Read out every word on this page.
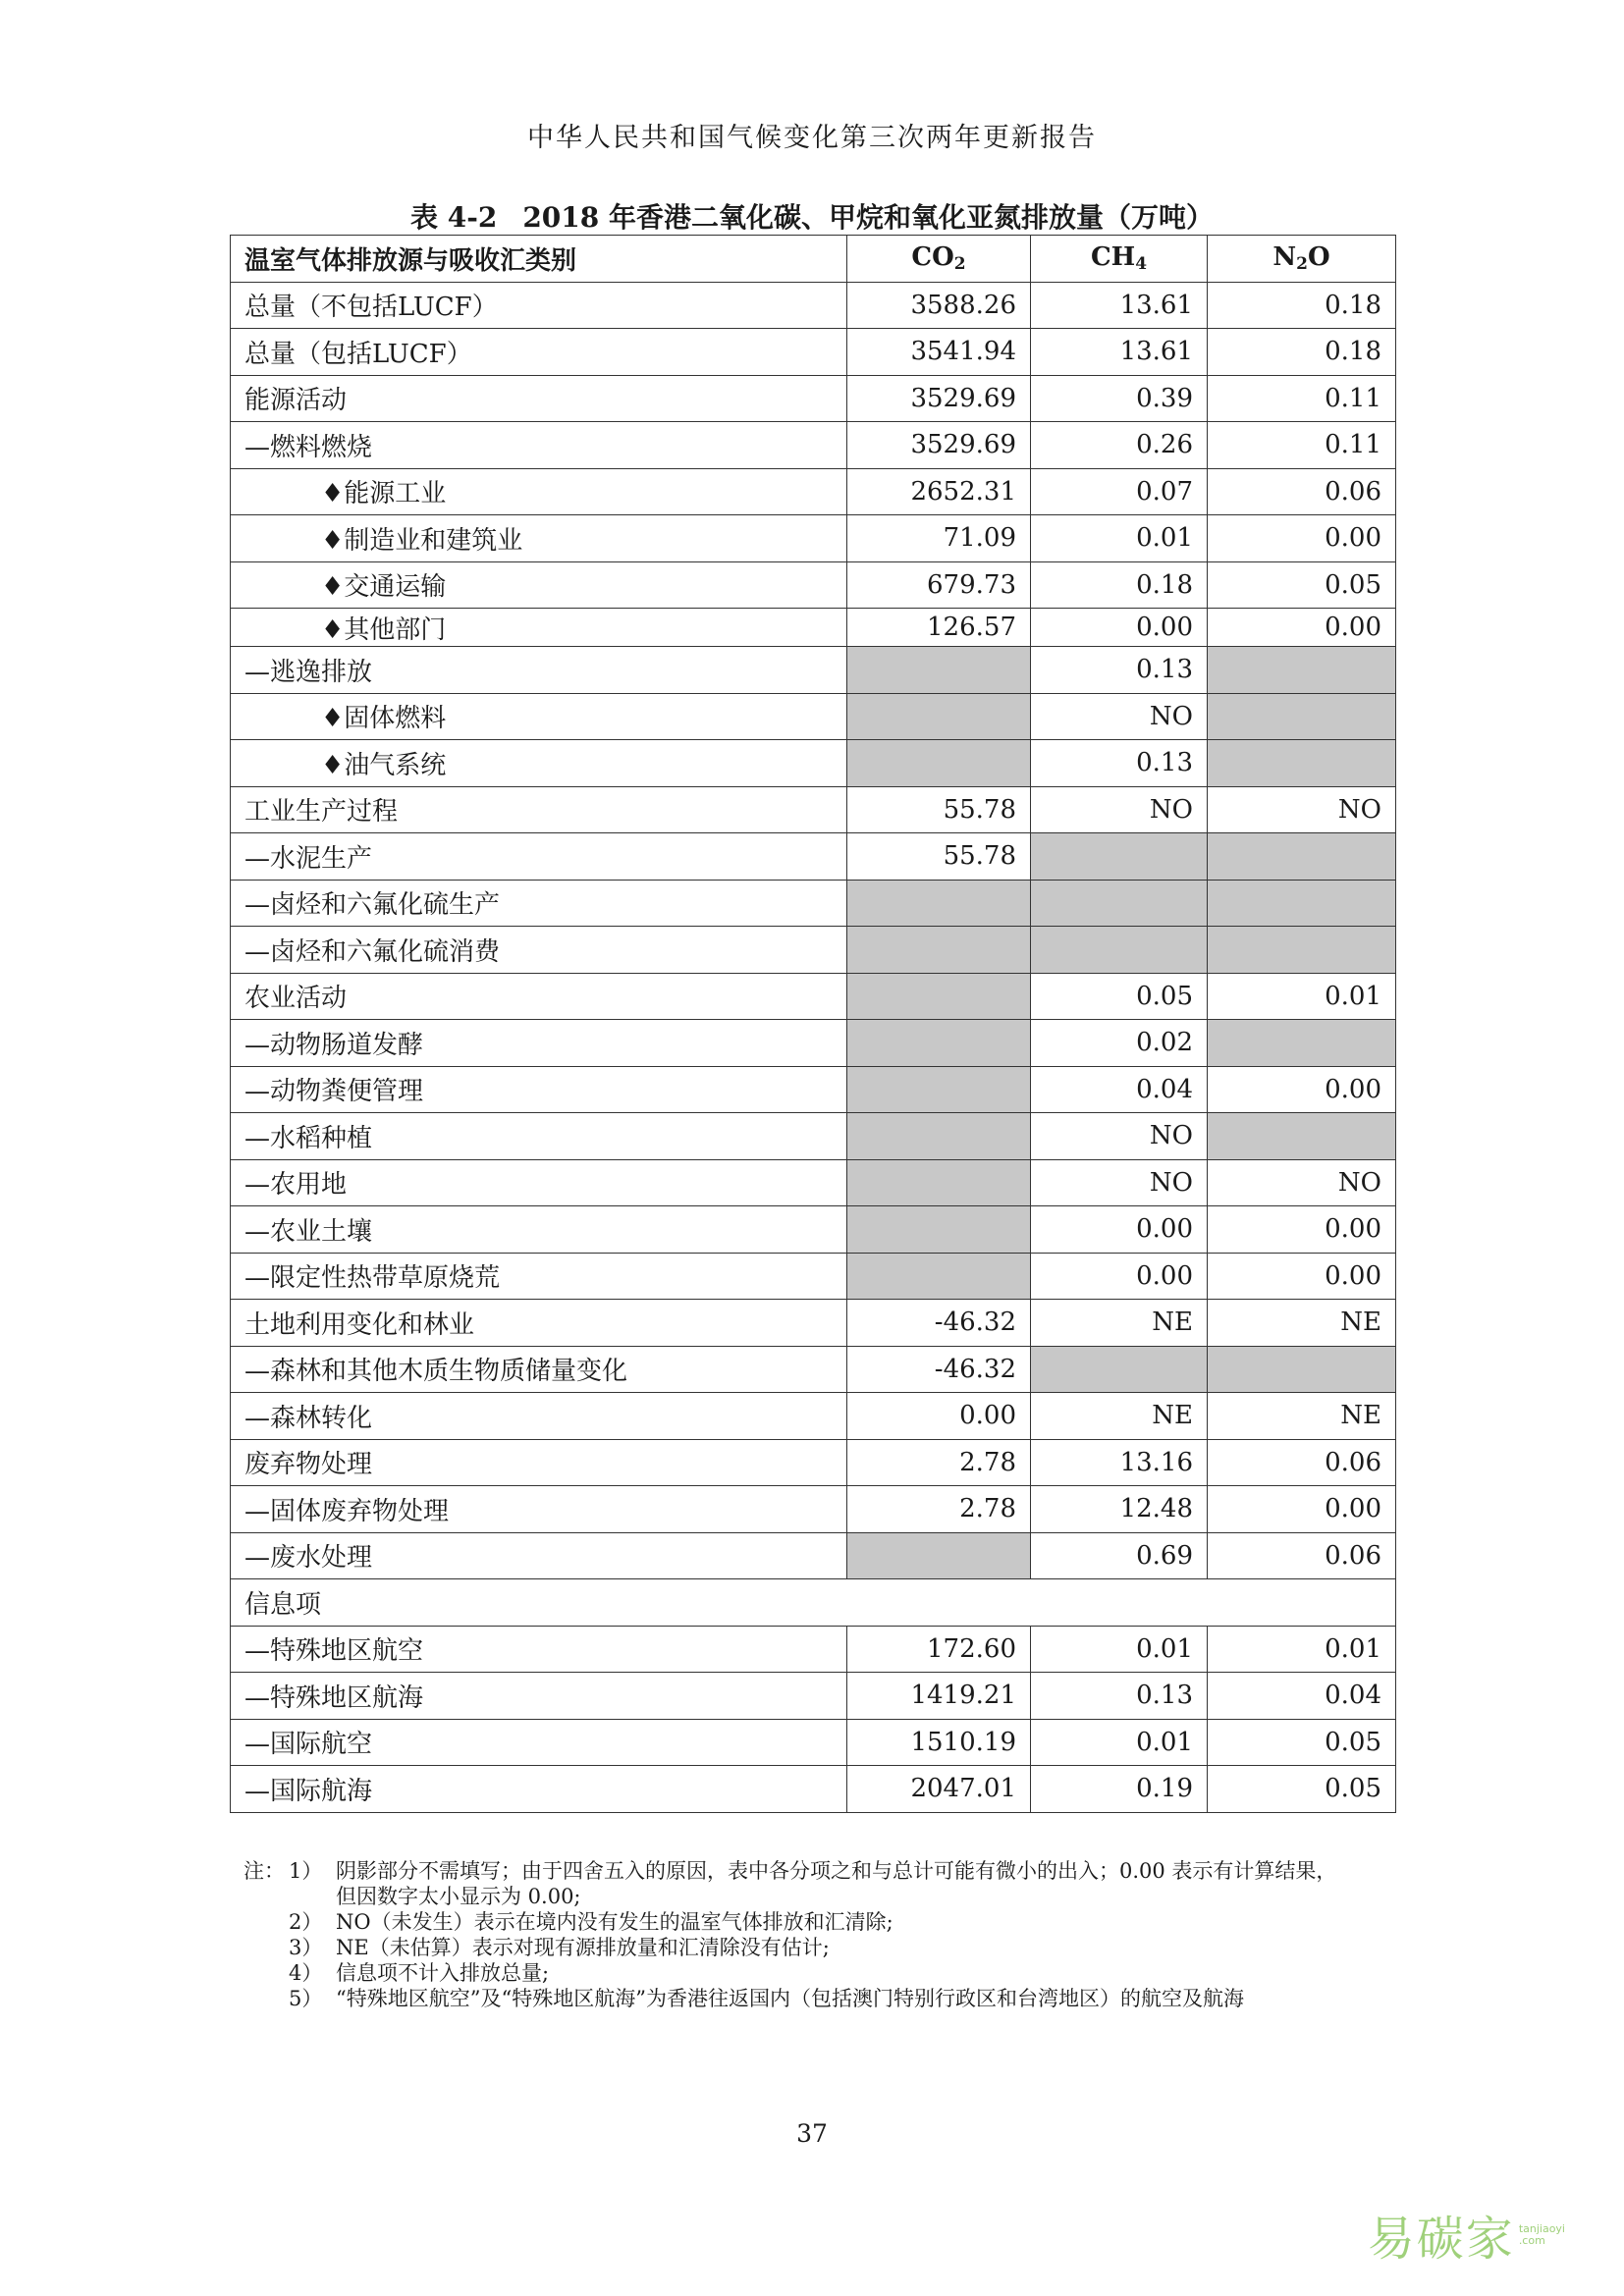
中华人民共和国气候变化第三次两年更新报告
表 4-2 2018 年香港二氧化碳、甲烷和氧化亚氮排放量（万吨）
温室气体排放源与吸收汇类别	$CO_2$	$CH_4$	$N_2O$
总量（不包括LUCF）	3588.26	13.61	0.18
总量（包括LUCF）	3541.94	13.61	0.18
能源活动	3529.69	0.39	0.11
—燃料燃烧	3529.69	0.26	0.11
♦能源工业	2652.31	0.07	0.06
♦制造业和建筑业	71.09	0.01	0.00
♦交通运输	679.73	0.18	0.05
♦其他部门	126.57	0.00	0.00
—逃逸排放		0.13	
♦固体燃料		NO	
♦油气系统		0.13	
工业生产过程	55.78	NO	NO
—水泥生产	55.78		
—卤烃和六氟化硫生产			
—卤烃和六氟化硫消费			
农业活动		0.05	0.01
—动物肠道发酵		0.02	
—动物粪便管理		0.04	0.00
—水稻种植		NO	
—农用地		NO	NO
—农业土壤		0.00	0.00
—限定性热带草原烧荒		0.00	0.00
土地利用变化和林业	-46.32	NE	NE
—森林和其他木质生物质储量变化	-46.32		
—森林转化	0.00	NE	NE
废弃物处理	2.78	13.16	0.06
—固体废弃物处理	2.78	12.48	0.00
—废水处理		0.69	0.06
信息项			
—特殊地区航空	172.60	0.01	0.01
—特殊地区航海	1419.21	0.13	0.04
—国际航空	1510.19	0.01	0.05
—国际航海	2047.01	0.19	0.05
注： 1） 阴影部分不需填写；由于四舍五入的原因，表中各分项之和与总计可能有微小的出入；0.00 表示有计算结果，
但因数字太小显示为 0.00;
2） NO（未发生）表示在境内没有发生的温室气体排放和汇清除;
3） NE（未估算）表示对现有源排放量和汇清除没有估计;
4） 信息项不计入排放总量;
5） “特殊地区航空”及“特殊地区航海”为香港往返国内（包括澳门特别行政区和台湾地区）的航空及航海
37
易碳家 tanjiaoyi
.com
